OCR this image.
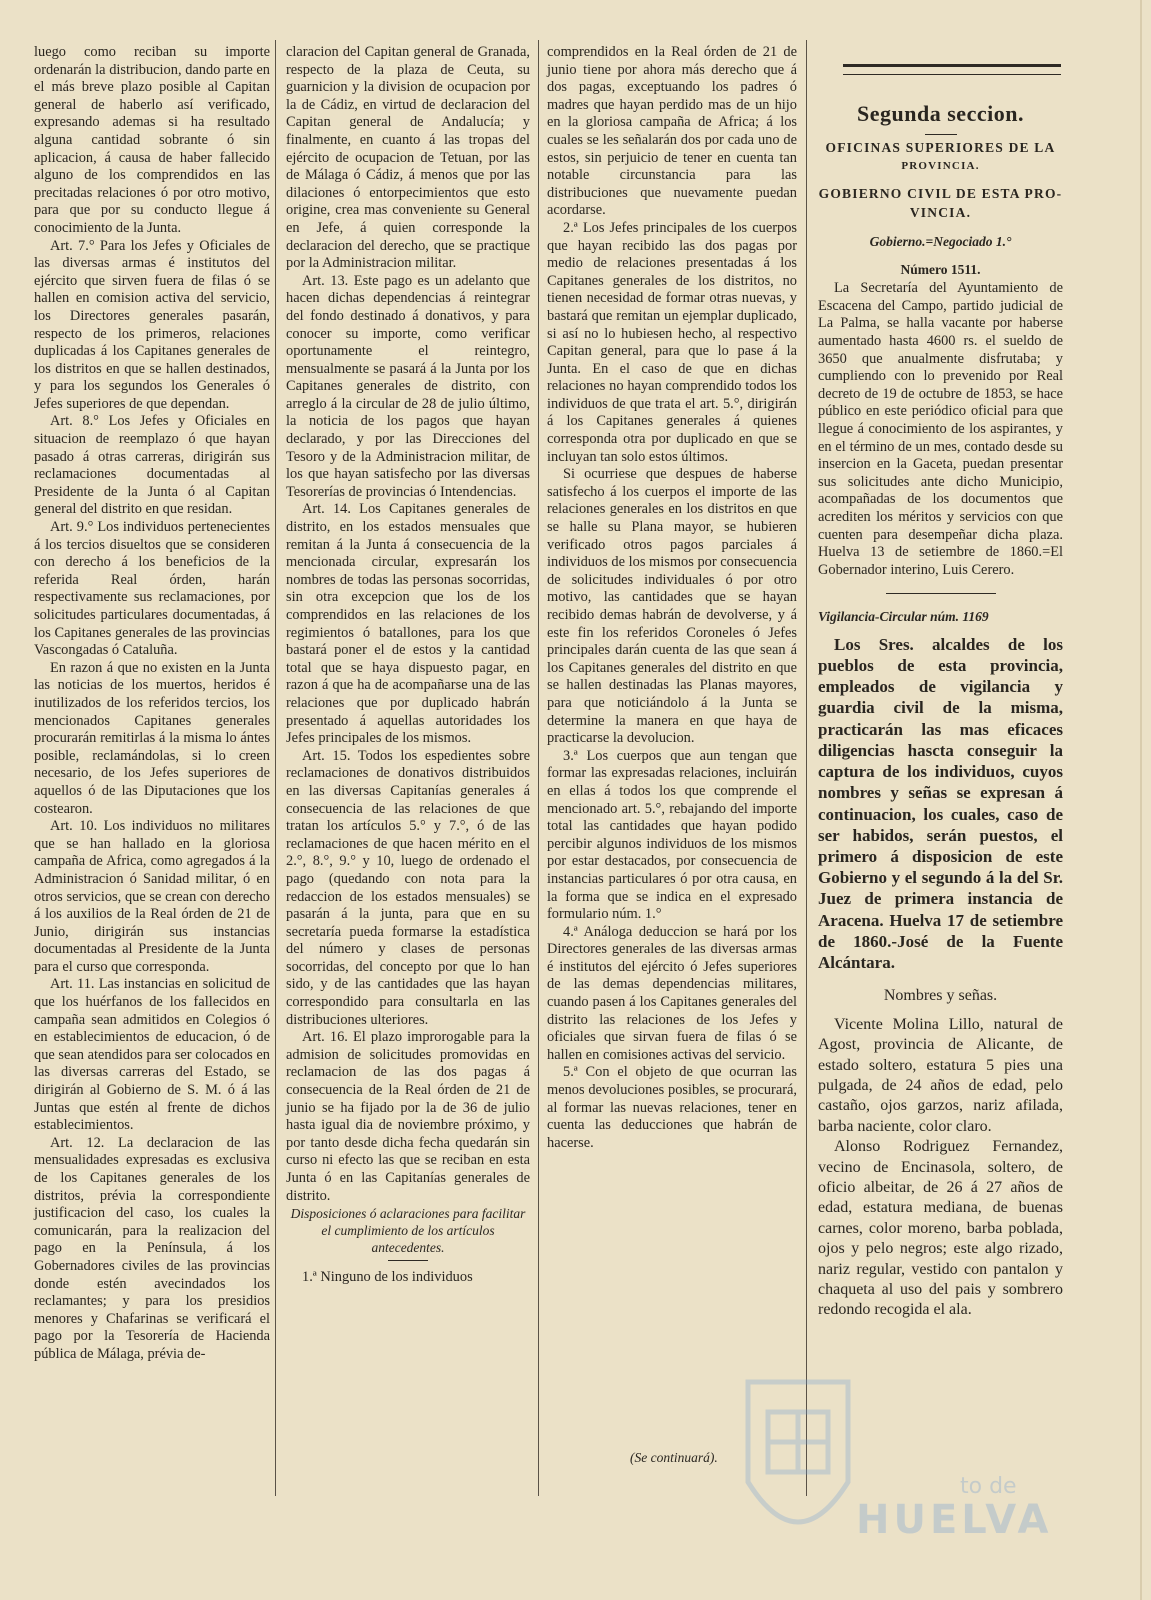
luego como reciban su importe ordenarán la distribucion, dando parte en el más breve plazo posible al Capitan general de haberlo así verificado, expresando ademas si ha resultado alguna cantidad sobrante ó sin aplicacion, á causa de haber fallecido alguno de los comprendidos en las precitadas relaciones ó por otro motivo, para que por su conducto llegue á conocimiento de la Junta.

Art. 7.° Para los Jefes y Oficiales de las diversas armas é institutos del ejército que sirven fuera de filas ó se hallen en comision activa del servicio, los Directores generales pasarán, respecto de los primeros, relaciones duplicadas á los Capitanes generales de los distritos en que se hallen destinados, y para los segundos los Generales ó Jefes superiores de que dependan.

Art. 8.° Los Jefes y Oficiales en situacion de reemplazo ó que hayan pasado á otras carreras, dirigirán sus reclamaciones documentadas al Presidente de la Junta ó al Capitan general del distrito en que residan.

Art. 9.° Los individuos pertenecientes á los tercios disueltos que se consideren con derecho á los beneficios de la referida Real órden, harán respectivamente sus reclamaciones, por solicitudes particulares documentadas, á los Capitanes generales de las provincias Vascongadas ó Cataluña.

En razon á que no existen en la Junta las noticias de los muertos, heridos é inutilizados de los referidos tercios, los mencionados Capitanes generales procurarán remitirlas á la misma lo ántes posible, reclamándolas, si lo creen necesario, de los Jefes superiores de aquellos ó de las Diputaciones que los costearon.

Art. 10. Los individuos no militares que se han hallado en la gloriosa campaña de Africa, como agregados á la Administracion ó Sanidad militar, ó en otros servicios, que se crean con derecho á los auxilios de la Real órden de 21 de Junio, dirigirán sus instancias documentadas al Presidente de la Junta para el curso que corresponda.

Art. 11. Las instancias en solicitud de que los huérfanos de los fallecidos en campaña sean admitidos en Colegios ó en establecimientos de educacion, ó de que sean atendidos para ser colocados en las diversas carreras del Estado, se dirigirán al Gobierno de S. M. ó á las Juntas que estén al frente de dichos establecimientos.

Art. 12. La declaracion de las mensualidades expresadas es exclusiva de los Capitanes generales de los distritos, prévia la correspondiente justificacion del caso, los cuales la comunicarán, para la realizacion del pago en la Península, á los Gobernadores civiles de las provincias donde estén avecindados los reclamantes; y para los presidios menores y Chafarinas se verificará el pago por la Tesorería de Hacienda pública de Málaga, prévia de-

claracion del Capitan general de Granada, respecto de la plaza de Ceuta, su guarnicion y la division de ocupacion por la de Cádiz, en virtud de declaracion del Capitan general de Andalucía; y finalmente, en cuanto á las tropas del ejército de ocupacion de Tetuan, por las de Málaga ó Cádiz, á menos que por las dilaciones ó entorpecimientos que esto origine, crea mas conveniente su General en Jefe, á quien corresponde la declaracion del derecho, que se practique por la Administracion militar.

Art. 13. Este pago es un adelanto que hacen dichas dependencias á reintegrar del fondo destinado á donativos, y para conocer su importe, como verificar oportunamente el reintegro, mensualmente se pasará á la Junta por los Capitanes generales de distrito, con arreglo á la circular de 28 de julio último, la noticia de los pagos que hayan declarado, y por las Direcciones del Tesoro y de la Administracion militar, de los que hayan satisfecho por las diversas Tesorerías de provincias ó Intendencias.

Art. 14. Los Capitanes generales de distrito, en los estados mensuales que remitan á la Junta á consecuencia de la mencionada circular, expresarán los nombres de todas las personas socorridas, sin otra excepcion que los de los comprendidos en las relaciones de los regimientos ó batallones, para los que bastará poner el de estos y la cantidad total que se haya dispuesto pagar, en razon á que ha de acompañarse una de las relaciones que por duplicado habrán presentado á aquellas autoridades los Jefes principales de los mismos.

Art. 15. Todos los espedientes sobre reclamaciones de donativos distribuidos en las diversas Capitanías generales á consecuencia de las relaciones de que tratan los artículos 5.° y 7.°, ó de las reclamaciones de que hacen mérito en el 2.°, 8.°, 9.° y 10, luego de ordenado el pago (quedando con nota para la redaccion de los estados mensuales) se pasarán á la junta, para que en su secretaría pueda formarse la estadística del número y clases de personas socorridas, del concepto por que lo han sido, y de las cantidades que las hayan correspondido para consultarla en las distribuciones ulteriores.

Art. 16. El plazo improrogable para la admision de solicitudes promovidas en reclamacion de las dos pagas á consecuencia de la Real órden de 21 de junio se ha fijado por la de 36 de julio hasta igual dia de noviembre próximo, y por tanto desde dicha fecha quedarán sin curso ni efecto las que se reciban en esta Junta ó en las Capitanías generales de distrito.

Disposiciones ó aclaraciones para facilitar el cumplimiento de los artículos antecedentes.

1.ª Ninguno de los individuos

comprendidos en la Real órden de 21 de junio tiene por ahora más derecho que á dos pagas, exceptuando los padres ó madres que hayan perdido mas de un hijo en la gloriosa campaña de Africa; á los cuales se les señalarán dos por cada uno de estos, sin perjuicio de tener en cuenta tan notable circunstancia para las distribuciones que nuevamente puedan acordarse.

2.ª Los Jefes principales de los cuerpos que hayan recibido las dos pagas por medio de relaciones presentadas á los Capitanes generales de los distritos, no tienen necesidad de formar otras nuevas, y bastará que remitan un ejemplar duplicado, si así no lo hubiesen hecho, al respectivo Capitan general, para que lo pase á la Junta. En el caso de que en dichas relaciones no hayan comprendido todos los individuos de que trata el art. 5.°, dirigirán á los Capitanes generales á quienes corresponda otra por duplicado en que se incluyan tan solo estos últimos.

Si ocurriese que despues de haberse satisfecho á los cuerpos el importe de las relaciones generales en los distritos en que se halle su Plana mayor, se hubieren verificado otros pagos parciales á individuos de los mismos por consecuencia de solicitudes individuales ó por otro motivo, las cantidades que se hayan recibido demas habrán de devolverse, y á este fin los referidos Coroneles ó Jefes principales darán cuenta de las que sean á los Capitanes generales del distrito en que se hallen destinadas las Planas mayores, para que noticiándolo á la Junta se determine la manera en que haya de practicarse la devolucion.

3.ª Los cuerpos que aun tengan que formar las expresadas relaciones, incluirán en ellas á todos los que comprende el mencionado art. 5.°, rebajando del importe total las cantidades que hayan podido percibir algunos individuos de los mismos por estar destacados, por consecuencia de instancias particulares ó por otra causa, en la forma que se indica en el expresado formulario núm. 1.°

4.ª Análoga deduccion se hará por los Directores generales de las diversas armas é institutos del ejército ó Jefes superiores de las demas dependencias militares, cuando pasen á los Capitanes generales del distrito las relaciones de los Jefes y oficiales que sirvan fuera de filas ó se hallen en comisiones activas del servicio.

5.ª Con el objeto de que ocurran las menos devoluciones posibles, se procurará, al formar las nuevas relaciones, tener en cuenta las deducciones que habrán de hacerse.

(Se continuará).
Segunda seccion.
OFICINAS SUPERIORES DE LA
PROVINCIA.
GOBIERNO CIVIL DE ESTA PRO-
VINCIA.
Gobierno.=Negociado 1.°
Número 1511.

La Secretaría del Ayuntamiento de Escacena del Campo, partido judicial de La Palma, se halla vacante por haberse aumentado hasta 4600 rs. el sueldo de 3650 que anualmente disfrutaba; y cumpliendo con lo prevenido por Real decreto de 19 de octubre de 1853, se hace público en este periódico oficial para que llegue á conocimiento de los aspirantes, y en el término de un mes, contado desde su insercion en la Gaceta, puedan presentar sus solicitudes ante dicho Municipio, acompañadas de los documentos que acrediten los méritos y servicios con que cuenten para desempeñar dicha plaza. Huelva 13 de setiembre de 1860.=El Gobernador interino, Luis Cerero.

Vigilancia-Circular núm. 1169

Los Sres. alcaldes de los pueblos de esta provincia, empleados de vigilancia y guardia civil de la misma, practicarán las mas eficaces diligencias hascta conseguir la captura de los individuos, cuyos nombres y señas se expresan á continuacion, los cuales, caso de ser habidos, serán puestos, el primero á disposicion de este Gobierno y el segundo á la del Sr. Juez de primera instancia de Aracena. Huelva 17 de setiembre de 1860.-José de la Fuente Alcántara.

Nombres y señas.

Vicente Molina Lillo, natural de Agost, provincia de Alicante, de estado soltero, estatura 5 pies una pulgada, de 24 años de edad, pelo castaño, ojos garzos, nariz afilada, barba naciente, color claro.

Alonso Rodriguez Fernandez, vecino de Encinasola, soltero, de oficio albeitar, de 26 á 27 años de edad, estatura mediana, de buenas carnes, color moreno, barba poblada, ojos y pelo negros; este algo rizado, nariz regular, vestido con pantalon y chaqueta al uso del pais y sombrero redondo recogida el ala.

to de
HUELVA
